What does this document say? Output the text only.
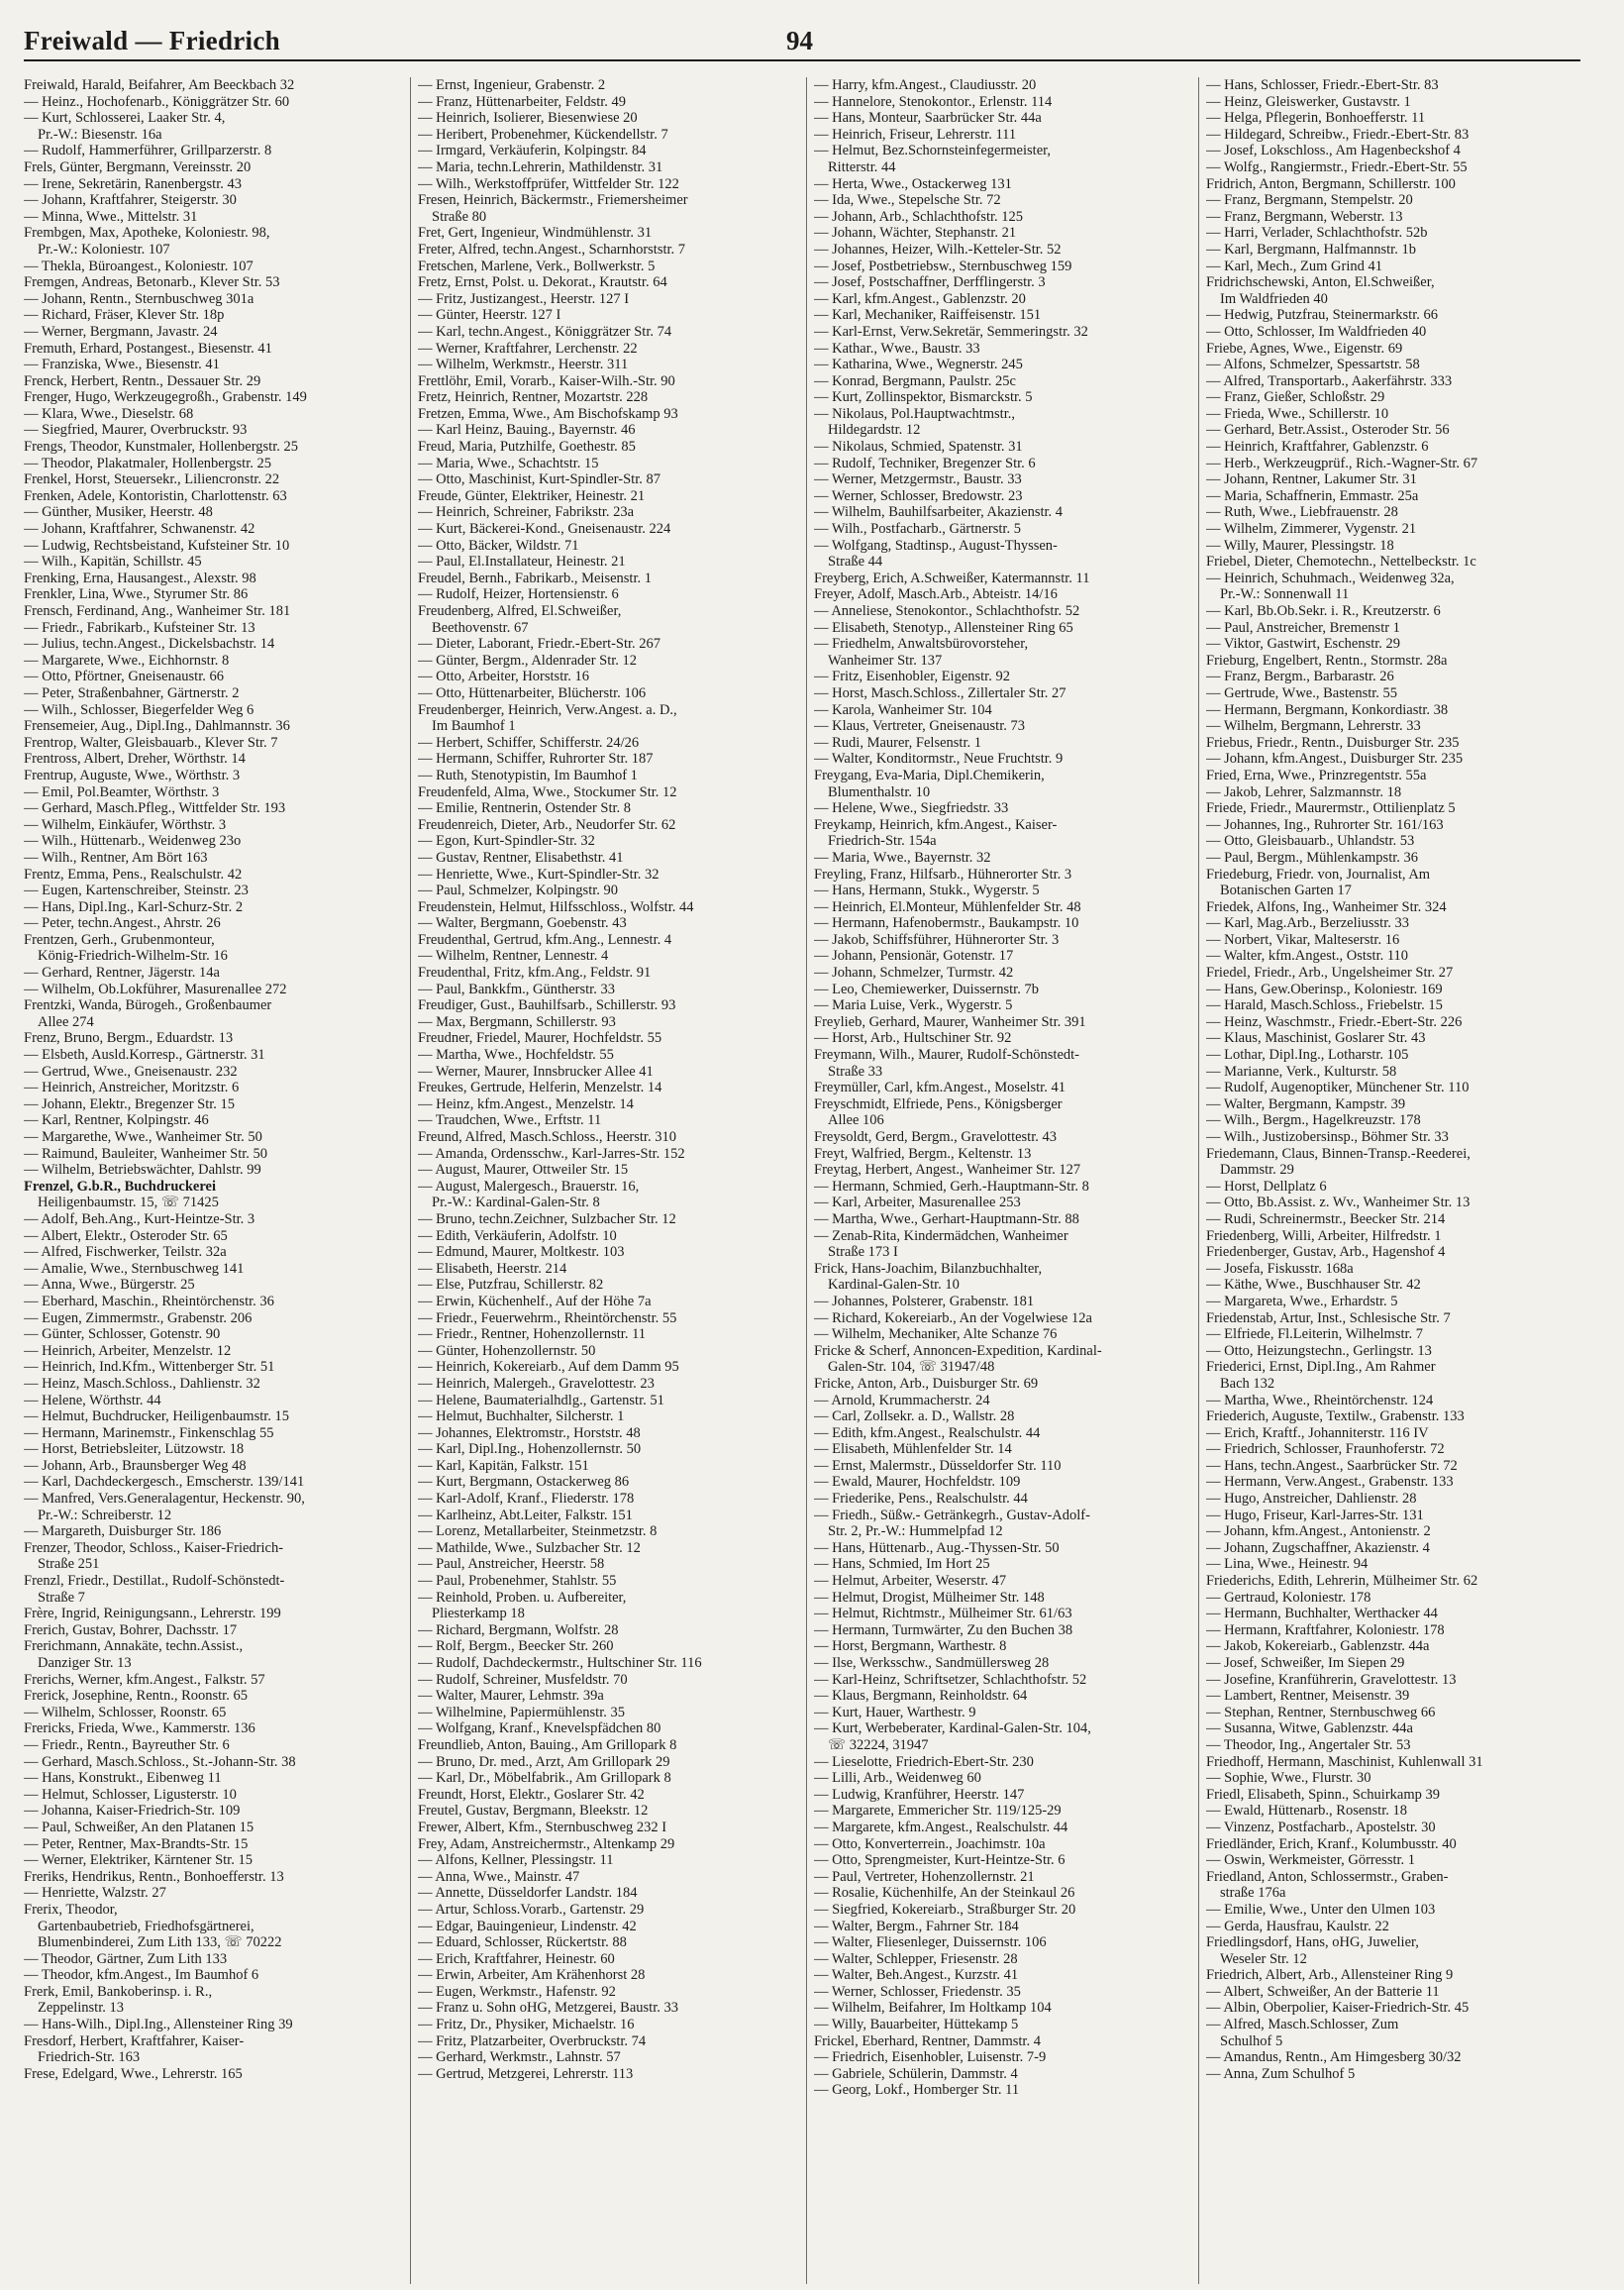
Freiwald — Friedrich	94
Freiwald, Harald, Beifahrer, Am Beeckbach 32
— Heinz., Hochofenarb., Königgrätzer Str. 60
— Kurt, Schlosserei, Laaker Str. 4,
Pr.-W.: Biesenstr. 16a
— Rudolf, Hammerführer, Grillparzerstr. 8
Frels, Günter, Bergmann, Vereinsstr. 20
— Irene, Sekretärin, Ranenbergstr. 43
— Johann, Kraftfahrer, Steigerstr. 30
— Minna, Wwe., Mittelstr. 31
Frembgen, Max, Apotheke, Koloniestr. 98,
Pr.-W.: Koloniestr. 107
— Thekla, Büroangest., Koloniestr. 107
Fremgen, Andreas, Betonarb., Klever Str. 53
— Johann, Rentn., Sternbuschweg 301a
— Richard, Fräser, Klever Str. 18p
— Werner, Bergmann, Javastr. 24
Fremuth, Erhard, Postangest., Biesenstr. 41
— Franziska, Wwe., Biesenstr. 41
Frenck, Herbert, Rentn., Dessauer Str. 29
Frenger, Hugo, Werkzeugegroßh., Grabenstr. 149
— Klara, Wwe., Dieselstr. 68
— Siegfried, Maurer, Overbruckstr. 93
Frengs, Theodor, Kunstmaler, Hollenbergstr. 25
— Theodor, Plakatmaler, Hollenbergstr. 25
Frenkel, Horst, Steuersekr., Liliencronstr. 22
Frenken, Adele, Kontoristin, Charlottenstr. 63
— Günther, Musiker, Heerstr. 48
— Johann, Kraftfahrer, Schwanenstr. 42
— Ludwig, Rechtsbeistand, Kufsteiner Str. 10
— Wilh., Kapitän, Schillstr. 45
Frenking, Erna, Hausangest., Alexstr. 98
Frenkler, Lina, Wwe., Styrumer Str. 86
Frensch, Ferdinand, Ang., Wanheimer Str. 181
— Friedr., Fabrikarb., Kufsteiner Str. 13
— Julius, techn.Angest., Dickelsbachstr. 14
— Margarete, Wwe., Eichhornstr. 8
— Otto, Pförtner, Gneisenaustr. 66
— Peter, Straßenbahner, Gärtnerstr. 2
— Wilh., Schlosser, Biegerfelder Weg 6
Frensemeier, Aug., Dipl.Ing., Dahlmannstr. 36
Frentrop, Walter, Gleisbauarb., Klever Str. 7
Frentross, Albert, Dreher, Wörthstr. 14
Frentrup, Auguste, Wwe., Wörthstr. 3
— Emil, Pol.Beamter, Wörthstr. 3
— Gerhard, Masch.Pfleg., Wittfelder Str. 193
— Wilhelm, Einkäufer, Wörthstr. 3
— Wilh., Hüttenarb., Weidenweg 23o
— Wilh., Rentner, Am Bört 163
Frentz, Emma, Pens., Realschulstr. 42
— Eugen, Kartenschreiber, Steinstr. 23
— Hans, Dipl.Ing., Karl-Schurz-Str. 2
— Peter, techn.Angest., Ahrstr. 26
Frentzen, Gerh., Grubenmonteur,
König-Friedrich-Wilhelm-Str. 16
— Gerhard, Rentner, Jägerstr. 14a
— Wilhelm, Ob.Lokführer, Masurenallee 272
Frentzki, Wanda, Bürogeh., Großenbaumer
Allee 274
Frenz, Bruno, Bergm., Eduardstr. 13
— Elsbeth, Ausld.Korresp., Gärtnerstr. 31
— Gertrud, Wwe., Gneisenaustr. 232
— Heinrich, Anstreicher, Moritzstr. 6
— Johann, Elektr., Bregenzer Str. 15
— Karl, Rentner, Kolpingstr. 46
— Margarethe, Wwe., Wanheimer Str. 50
— Raimund, Bauleiter, Wanheimer Str. 50
— Wilhelm, Betriebswächter, Dahlstr. 99
Frenzel, G.b.R., Buchdruckerei
Heiligenbaumstr. 15, ☏ 71425
— Adolf, Beh.Ang., Kurt-Heintze-Str. 3
— Albert, Elektr., Osteroder Str. 65
— Alfred, Fischwerker, Teilstr. 32a
— Amalie, Wwe., Sternbuschweg 141
— Anna, Wwe., Bürgerstr. 25
— Eberhard, Maschin., Rheintörchenstr. 36
— Eugen, Zimmermstr., Grabenstr. 206
— Günter, Schlosser, Gotenstr. 90
— Heinrich, Arbeiter, Menzelstr. 12
— Heinrich, Ind.Kfm., Wittenberger Str. 51
— Heinz, Masch.Schloss., Dahlienstr. 32
— Helene, Wörthstr. 44
— Helmut, Buchdrucker, Heiligenbaumstr. 15
— Hermann, Marinemstr., Finkenschlag 55
— Horst, Betriebsleiter, Lützowstr. 18
— Johann, Arb., Braunsberger Weg 48
— Karl, Dachdeckergesch., Emscherstr. 139/141
— Manfred, Vers.Generalagentur, Heckenstr. 90,
Pr.-W.: Schreiberstr. 12
— Margareth, Duisburger Str. 186
Frenzer, Theodor, Schloss., Kaiser-Friedrich-
Straße 251
Frenzl, Friedr., Destillat., Rudolf-Schönstedt-
Straße 7
Frère, Ingrid, Reinigungsann., Lehrerstr. 199
Frerich, Gustav, Bohrer, Dachsstr. 17
Frerichmann, Annakäte, techn.Assist.,
Danziger Str. 13
Frerichs, Werner, kfm.Angest., Falkstr. 57
Frerick, Josephine, Rentn., Roonstr. 65
— Wilhelm, Schlosser, Roonstr. 65
Frericks, Frieda, Wwe., Kammerstr. 136
— Friedr., Rentn., Bayreuther Str. 6
— Gerhard, Masch.Schloss., St.-Johann-Str. 38
— Hans, Konstrukt., Eibenweg 11
— Helmut, Schlosser, Ligusterstr. 10
— Johanna, Kaiser-Friedrich-Str. 109
— Paul, Schweißer, An den Platanen 15
— Peter, Rentner, Max-Brandts-Str. 15
— Werner, Elektriker, Kärntener Str. 15
Freriks, Hendrikus, Rentn., Bonhoefferstr. 13
— Henriette, Walzstr. 27
Frerix, Theodor,
Gartenbaubetrieb, Friedhofsgärtnerei,
Blumenbinderei, Zum Lith 133, ☏ 70222
— Theodor, Gärtner, Zum Lith 133
— Theodor, kfm.Angest., Im Baumhof 6
Frerk, Emil, Bankoberinsp. i. R.,
Zeppelinstr. 13
— Hans-Wilh., Dipl.Ing., Allensteiner Ring 39
Fresdorf, Herbert, Kraftfahrer, Kaiser-
Friedrich-Str. 163
Frese, Edelgard, Wwe., Lehrerstr. 165
— Ernst, Ingenieur, Grabenstr. 2
— Franz, Hüttenarbeiter, Feldstr. 49
— Heinrich, Isolierer, Biesenwiese 20
— Heribert, Probenehmer, Kückendellstr. 7
— Irmgard, Verkäuferin, Kolpingstr. 84
— Maria, techn.Lehrerin, Mathildenstr. 31
— Wilh., Werkstoffprüfer, Wittfelder Str. 122
Fresen, Heinrich, Bäckermstr., Friemersheimer
Straße 80
Fret, Gert, Ingenieur, Windmühlenstr. 31
Freter, Alfred, techn.Angest., Scharnhorststr. 7
Fretschen, Marlene, Verk., Bollwerkstr. 5
Fretz, Ernst, Polst. u. Dekorat., Krautstr. 64
— Fritz, Justizangest., Heerstr. 127 I
— Günter, Heerstr. 127 I
— Karl, techn.Angest., Königgrätzer Str. 74
— Werner, Kraftfahrer, Lerchenstr. 22
— Wilhelm, Werkmstr., Heerstr. 311
Frettlöhr, Emil, Vorarb., Kaiser-Wilh.-Str. 90
Fretz, Heinrich, Rentner, Mozartstr. 228
Fretzen, Emma, Wwe., Am Bischofskamp 93
— Karl Heinz, Bauing., Bayernstr. 46
Freud, Maria, Putzhilfe, Goethestr. 85
— Maria, Wwe., Schachtstr. 15
— Otto, Maschinist, Kurt-Spindler-Str. 87
Freude, Günter, Elektriker, Heinestr. 21
— Heinrich, Schreiner, Fabrikstr. 23a
— Kurt, Bäckerei-Kond., Gneisenaustr. 224
— Otto, Bäcker, Wildstr. 71
— Paul, El.Installateur, Heinestr. 21
Freudel, Bernh., Fabrikarb., Meisenstr. 1
— Rudolf, Heizer, Hortensienstr. 6
Freudenberg, Alfred, El.Schweißer,
Beethovenstr. 67
— Dieter, Laborant, Friedr.-Ebert-Str. 267
— Günter, Bergm., Aldenrader Str. 12
— Otto, Arbeiter, Horststr. 16
— Otto, Hüttenarbeiter, Blücherstr. 106
Freudenberger, Heinrich, Verw.Angest. a. D.,
Im Baumhof 1
— Herbert, Schiffer, Schifferstr. 24/26
— Hermann, Schiffer, Ruhrorter Str. 187
— Ruth, Stenotypistin, Im Baumhof 1
Freudenfeld, Alma, Wwe., Stockumer Str. 12
— Emilie, Rentnerin, Ostender Str. 8
Freudenreich, Dieter, Arb., Neudorfer Str. 62
— Egon, Kurt-Spindler-Str. 32
— Gustav, Rentner, Elisabethstr. 41
— Henriette, Wwe., Kurt-Spindler-Str. 32
— Paul, Schmelzer, Kolpingstr. 90
Freudenstein, Helmut, Hilfsschloss., Wolfstr. 44
— Walter, Bergmann, Goebenstr. 43
Freudenthal, Gertrud, kfm.Ang., Lennestr. 4
— Wilhelm, Rentner, Lennestr. 4
Freudenthal, Fritz, kfm.Ang., Feldstr. 91
— Paul, Bankkfm., Güntherstr. 33
Freudiger, Gust., Bauhilfsarb., Schillerstr. 93
— Max, Bergmann, Schillerstr. 93
Freudner, Friedel, Maurer, Hochfeldstr. 55
— Martha, Wwe., Hochfeldstr. 55
— Werner, Maurer, Innsbrucker Allee 41
Freukes, Gertrude, Helferin, Menzelstr. 14
— Heinz, kfm.Angest., Menzelstr. 14
— Traudchen, Wwe., Erftstr. 11
Freund, Alfred, Masch.Schloss., Heerstr. 310
— Amanda, Ordensschw., Karl-Jarres-Str. 152
— August, Maurer, Ottweiler Str. 15
— August, Malergesch., Brauerstr. 16,
Pr.-W.: Kardinal-Galen-Str. 8
— Bruno, techn.Zeichner, Sulzbacher Str. 12
— Edith, Verkäuferin, Adolfstr. 10
— Edmund, Maurer, Moltkestr. 103
— Elisabeth, Heerstr. 214
— Else, Putzfrau, Schillerstr. 82
— Erwin, Küchenhelf., Auf der Höhe 7a
— Friedr., Feuerwehrm., Rheintörchenstr. 55
— Friedr., Rentner, Hohenzollernstr. 11
— Günter, Hohenzollernstr. 50
— Heinrich, Kokereiarb., Auf dem Damm 95
— Heinrich, Malergeh., Gravelottestr. 23
— Helene, Baumaterialhdlg., Gartenstr. 51
— Helmut, Buchhalter, Silcherstr. 1
— Johannes, Elektromstr., Horststr. 48
— Karl, Dipl.Ing., Hohenzollernstr. 50
— Karl, Kapitän, Falkstr. 151
— Kurt, Bergmann, Ostackerweg 86
— Karl-Adolf, Kranf., Fliederstr. 178
— Karlheinz, Abt.Leiter, Falkstr. 151
— Lorenz, Metallarbeiter, Steinmetzstr. 8
— Mathilde, Wwe., Sulzbacher Str. 12
— Paul, Anstreicher, Heerstr. 58
— Paul, Probenehmer, Stahlstr. 55
— Reinhold, Proben. u. Aufbereiter,
Pliesterkamp 18
— Richard, Bergmann, Wolfstr. 28
— Rolf, Bergm., Beecker Str. 260
— Rudolf, Dachdeckermstr., Hultschiner Str. 116
— Rudolf, Schreiner, Musfeldstr. 70
— Walter, Maurer, Lehmstr. 39a
— Wilhelmine, Papiermühlenstr. 35
— Wolfgang, Kranf., Knevelspfädchen 80
Freundlieb, Anton, Bauing., Am Grillopark 8
— Bruno, Dr. med., Arzt, Am Grillopark 29
— Karl, Dr., Möbelfabrik., Am Grillopark 8
Freundt, Horst, Elektr., Goslarer Str. 42
Freutel, Gustav, Bergmann, Bleekstr. 12
Frewer, Albert, Kfm., Sternbuschweg 232 I
Frey, Adam, Anstreichermstr., Altenkamp 29
— Alfons, Kellner, Plessingstr. 11
— Anna, Wwe., Mainstr. 47
— Annette, Düsseldorfer Landstr. 184
— Artur, Schloss.Vorarb., Gartenstr. 29
— Edgar, Bauingenieur, Lindenstr. 42
— Eduard, Schlosser, Rückertstr. 88
— Erich, Kraftfahrer, Heinestr. 60
— Erwin, Arbeiter, Am Krähenhorst 28
— Eugen, Werkmstr., Hafenstr. 92
— Franz u. Sohn oHG, Metzgerei, Baustr. 33
— Fritz, Dr., Physiker, Michaelstr. 16
— Fritz, Platzarbeiter, Overbruckstr. 74
— Gerhard, Werkmstr., Lahnstr. 57
— Gertrud, Metzgerei, Lehrerstr. 113
— Harry, kfm.Angest., Claudiusstr. 20
— Hannelore, Stenokontor., Erlenstr. 114
— Hans, Monteur, Saarbrücker Str. 44a
— Heinrich, Friseur, Lehrerstr. 111
— Helmut, Bez.Schornsteinfegermeister,
Ritterstr. 44
— Herta, Wwe., Ostackerweg 131
— Ida, Wwe., Stepelsche Str. 72
— Johann, Arb., Schlachthofstr. 125
— Johann, Wächter, Stephanstr. 21
— Johannes, Heizer, Wilh.-Ketteler-Str. 52
— Josef, Postbetriebsw., Sternbuschweg 159
— Josef, Postschaffner, Derfflingerstr. 3
— Karl, kfm.Angest., Gablenzstr. 20
— Karl, Mechaniker, Raiffeisenstr. 151
— Karl-Ernst, Verw.Sekretär, Semmeringstr. 32
— Kathar., Wwe., Baustr. 33
— Katharina, Wwe., Wegnerstr. 245
— Konrad, Bergmann, Paulstr. 25c
— Kurt, Zollinspektor, Bismarckstr. 5
— Nikolaus, Pol.Hauptwachtmstr.,
Hildegardstr. 12
— Nikolaus, Schmied, Spatenstr. 31
— Rudolf, Techniker, Bregenzer Str. 6
— Werner, Metzgermstr., Baustr. 33
— Werner, Schlosser, Bredowstr. 23
— Wilhelm, Bauhilfsarbeiter, Akazienstr. 4
— Wilh., Postfacharb., Gärtnerstr. 5
— Wolfgang, Stadtinsp., August-Thyssen-
Straße 44
Freyberg, Erich, A.Schweißer, Katermannstr. 11
Freyer, Adolf, Masch.Arb., Abteistr. 14/16
— Anneliese, Stenokontor., Schlachthofstr. 52
— Elisabeth, Stenotyp., Allensteiner Ring 65
— Friedhelm, Anwaltsbürovorsteher,
Wanheimer Str. 137
— Fritz, Eisenhobler, Eigenstr. 92
— Horst, Masch.Schloss., Zillertaler Str. 27
— Karola, Wanheimer Str. 104
— Klaus, Vertreter, Gneisenaustr. 73
— Rudi, Maurer, Felsenstr. 1
— Walter, Konditormstr., Neue Fruchtstr. 9
Freygang, Eva-Maria, Dipl.Chemikerin,
Blumenthalstr. 10
— Helene, Wwe., Siegfriedstr. 33
Freykamp, Heinrich, kfm.Angest., Kaiser-
Friedrich-Str. 154a
— Maria, Wwe., Bayernstr. 32
Freyling, Franz, Hilfsarb., Hühnerorter Str. 3
— Hans, Hermann, Stukk., Wygerstr. 5
— Heinrich, El.Monteur, Mühlenfelder Str. 48
— Hermann, Hafenobermstr., Baukampstr. 10
— Jakob, Schiffsführer, Hühnerorter Str. 3
— Johann, Pensionär, Gotenstr. 17
— Johann, Schmelzer, Turmstr. 42
— Leo, Chemiewerker, Duissernstr. 7b
— Maria Luise, Verk., Wygerstr. 5
Freylieb, Gerhard, Maurer, Wanheimer Str. 391
— Horst, Arb., Hultschiner Str. 92
Freymann, Wilh., Maurer, Rudolf-Schönstedt-
Straße 33
Freymüller, Carl, kfm.Angest., Moselstr. 41
Freyschmidt, Elfriede, Pens., Königsberger
Allee 106
Freysoldt, Gerd, Bergm., Gravelottestr. 43
Freyt, Walfried, Bergm., Keltenstr. 13
Freytag, Herbert, Angest., Wanheimer Str. 127
— Hermann, Schmied, Gerh.-Hauptmann-Str. 8
— Karl, Arbeiter, Masurenallee 253
— Martha, Wwe., Gerhart-Hauptmann-Str. 88
— Zenab-Rita, Kindermädchen, Wanheimer
Straße 173 I
Frick, Hans-Joachim, Bilanzbuchhalter,
Kardinal-Galen-Str. 10
— Johannes, Polsterer, Grabenstr. 181
— Richard, Kokereiarb., An der Vogelwiese 12a
— Wilhelm, Mechaniker, Alte Schanze 76
Fricke & Scherf, Annoncen-Expedition, Kardinal-
Galen-Str. 104, ☏ 31947/48
Fricke, Anton, Arb., Duisburger Str. 69
— Arnold, Krummacherstr. 24
— Carl, Zollsekr. a. D., Wallstr. 28
— Edith, kfm.Angest., Realschulstr. 44
— Elisabeth, Mühlenfelder Str. 14
— Ernst, Malermstr., Düsseldorfer Str. 110
— Ewald, Maurer, Hochfeldstr. 109
— Friederike, Pens., Realschulstr. 44
— Friedh., Süßw.- Getränkegrh., Gustav-Adolf-
Str. 2, Pr.-W.: Hummelpfad 12
— Hans, Hüttenarb., Aug.-Thyssen-Str. 50
— Hans, Schmied, Im Hort 25
— Helmut, Arbeiter, Weserstr. 47
— Helmut, Drogist, Mülheimer Str. 148
— Helmut, Richtmstr., Mülheimer Str. 61/63
— Hermann, Turmwärter, Zu den Buchen 38
— Horst, Bergmann, Warthestr. 8
— Ilse, Werksschw., Sandmüllersweg 28
— Karl-Heinz, Schriftsetzer, Schlachthofstr. 52
— Klaus, Bergmann, Reinholdstr. 64
— Kurt, Hauer, Warthestr. 9
— Kurt, Werbeberater, Kardinal-Galen-Str. 104,
☏ 32224, 31947
— Lieselotte, Friedrich-Ebert-Str. 230
— Lilli, Arb., Weidenweg 60
— Ludwig, Kranführer, Heerstr. 147
— Margarete, Emmericher Str. 119/125-29
— Margarete, kfm.Angest., Realschulstr. 44
— Otto, Konverterrein., Joachimstr. 10a
— Otto, Sprengmeister, Kurt-Heintze-Str. 6
— Paul, Vertreter, Hohenzollernstr. 21
— Rosalie, Küchenhilfe, An der Steinkaul 26
— Siegfried, Kokereiarb., Straßburger Str. 20
— Walter, Bergm., Fahrner Str. 184
— Walter, Fliesenleger, Duissernstr. 106
— Walter, Schlepper, Friesenstr. 28
— Walter, Beh.Angest., Kurzstr. 41
— Werner, Schlosser, Friedenstr. 35
— Wilhelm, Beifahrer, Im Holtkamp 104
— Willy, Bauarbeiter, Hüttekamp 5
Frickel, Eberhard, Rentner, Dammstr. 4
— Friedrich, Eisenhobler, Luisenstr. 7-9
— Gabriele, Schülerin, Dammstr. 4
— Georg, Lokf., Homberger Str. 11
— Hans, Schlosser, Friedr.-Ebert-Str. 83
— Heinz, Gleiswerker, Gustavstr. 1
— Helga, Pflegerin, Bonhoefferstr. 11
— Hildegard, Schreibw., Friedr.-Ebert-Str. 83
— Josef, Lokschloss., Am Hagenbeckshof 4
— Wolfg., Rangiermstr., Friedr.-Ebert-Str. 55
Fridrich, Anton, Bergmann, Schillerstr. 100
— Franz, Bergmann, Stempelstr. 20
— Franz, Bergmann, Weberstr. 13
— Harri, Verlader, Schlachthofstr. 52b
— Karl, Bergmann, Halfmannstr. 1b
— Karl, Mech., Zum Grind 41
Fridrichschewski, Anton, El.Schweißer,
Im Waldfrieden 40
— Hedwig, Putzfrau, Steinermarkstr. 66
— Otto, Schlosser, Im Waldfrieden 40
Friebe, Agnes, Wwe., Eigenstr. 69
— Alfons, Schmelzer, Spessartstr. 58
— Alfred, Transportarb., Aakerfährstr. 333
— Franz, Gießer, Schloßstr. 29
— Frieda, Wwe., Schillerstr. 10
— Gerhard, Betr.Assist., Osteroder Str. 56
— Heinrich, Kraftfahrer, Gablenzstr. 6
— Herb., Werkzeugprüf., Rich.-Wagner-Str. 67
— Johann, Rentner, Lakumer Str. 31
— Maria, Schaffnerin, Emmastr. 25a
— Ruth, Wwe., Liebfrauenstr. 28
— Wilhelm, Zimmerer, Vygenstr. 21
— Willy, Maurer, Plessingstr. 18
Friebel, Dieter, Chemotechn., Nettelbeckstr. 1c
— Heinrich, Schuhmach., Weidenweg 32a,
Pr.-W.: Sonnenwall 11
— Karl, Bb.Ob.Sekr. i. R., Kreutzerstr. 6
— Paul, Anstreicher, Bremenstr 1
— Viktor, Gastwirt, Eschenstr. 29
Frieburg, Engelbert, Rentn., Stormstr. 28a
— Franz, Bergm., Barbarastr. 26
— Gertrude, Wwe., Bastenstr. 55
— Hermann, Bergmann, Konkordiastr. 38
— Wilhelm, Bergmann, Lehrerstr. 33
Friebus, Friedr., Rentn., Duisburger Str. 235
— Johann, kfm.Angest., Duisburger Str. 235
Fried, Erna, Wwe., Prinzregentstr. 55a
— Jakob, Lehrer, Salzmannstr. 18
Friede, Friedr., Maurermstr., Ottilienplatz 5
— Johannes, Ing., Ruhrorter Str. 161/163
— Otto, Gleisbauarb., Uhlandstr. 53
— Paul, Bergm., Mühlenkampstr. 36
Friedeburg, Friedr. von, Journalist, Am
Botanischen Garten 17
Friedek, Alfons, Ing., Wanheimer Str. 324
— Karl, Mag.Arb., Berzeliusstr. 33
— Norbert, Vikar, Malteserstr. 16
— Walter, kfm.Angest., Oststr. 110
Friedel, Friedr., Arb., Ungelsheimer Str. 27
— Hans, Gew.Oberinsp., Koloniestr. 169
— Harald, Masch.Schloss., Friebelstr. 15
— Heinz, Waschmstr., Friedr.-Ebert-Str. 226
— Klaus, Maschinist, Goslarer Str. 43
— Lothar, Dipl.Ing., Lotharstr. 105
— Marianne, Verk., Kulturstr. 58
— Rudolf, Augenoptiker, Münchener Str. 110
— Walter, Bergmann, Kampstr. 39
— Wilh., Bergm., Hagelkreuzstr. 178
— Wilh., Justizobersinsp., Böhmer Str. 33
Friedemann, Claus, Binnen-Transp.-Reederei,
Dammstr. 29
— Horst, Dellplatz 6
— Otto, Bb.Assist. z. Wv., Wanheimer Str. 13
— Rudi, Schreinermstr., Beecker Str. 214
Friedenberg, Willi, Arbeiter, Hilfredstr. 1
Friedenberger, Gustav, Arb., Hagenshof 4
— Josefa, Fiskusstr. 168a
— Käthe, Wwe., Buschhauser Str. 42
— Margareta, Wwe., Erhardstr. 5
Friedenstab, Artur, Inst., Schlesische Str. 7
— Elfriede, Fl.Leiterin, Wilhelmstr. 7
— Otto, Heizungstechn., Gerlingstr. 13
Friederici, Ernst, Dipl.Ing., Am Rahmer
Bach 132
— Martha, Wwe., Rheintörchenstr. 124
Friederich, Auguste, Textilw., Grabenstr. 133
— Erich, Kraftf., Johanniterstr. 116 IV
— Friedrich, Schlosser, Fraunhoferstr. 72
— Hans, techn.Angest., Saarbrücker Str. 72
— Hermann, Verw.Angest., Grabenstr. 133
— Hugo, Anstreicher, Dahlienstr. 28
— Hugo, Friseur, Karl-Jarres-Str. 131
— Johann, kfm.Angest., Antonienstr. 2
— Johann, Zugschaffner, Akazienstr. 4
— Lina, Wwe., Heinestr. 94
Friederichs, Edith, Lehrerin, Mülheimer Str. 62
— Gertraud, Koloniestr. 178
— Hermann, Buchhalter, Werthacker 44
— Hermann, Kraftfahrer, Koloniestr. 178
— Jakob, Kokereiarb., Gablenzstr. 44a
— Josef, Schweißer, Im Siepen 29
— Josefine, Kranführerin, Gravelottestr. 13
— Lambert, Rentner, Meisenstr. 39
— Stephan, Rentner, Sternbuschweg 66
— Susanna, Witwe, Gablenzstr. 44a
— Theodor, Ing., Angertaler Str. 53
Friedhoff, Hermann, Maschinist, Kuhlenwall 31
— Sophie, Wwe., Flurstr. 30
Friedl, Elisabeth, Spinn., Schuirkamp 39
— Ewald, Hüttenarb., Rosenstr. 18
— Vinzenz, Postfacharb., Apostelstr. 30
Friedländer, Erich, Kranf., Kolumbusstr. 40
— Oswin, Werkmeister, Görresstr. 1
Friedland, Anton, Schlossermstr., Graben-
straße 176a
— Emilie, Wwe., Unter den Ulmen 103
— Gerda, Hausfrau, Kaulstr. 22
Friedlingsdorf, Hans, oHG, Juwelier,
Weseler Str. 12
Friedrich, Albert, Arb., Allensteiner Ring 9
— Albert, Schweißer, An der Batterie 11
— Albin, Oberpolier, Kaiser-Friedrich-Str. 45
— Alfred, Masch.Schlosser, Zum
Schulhof 5
— Amandus, Rentn., Am Himgesberg 30/32
— Anna, Zum Schulhof 5
